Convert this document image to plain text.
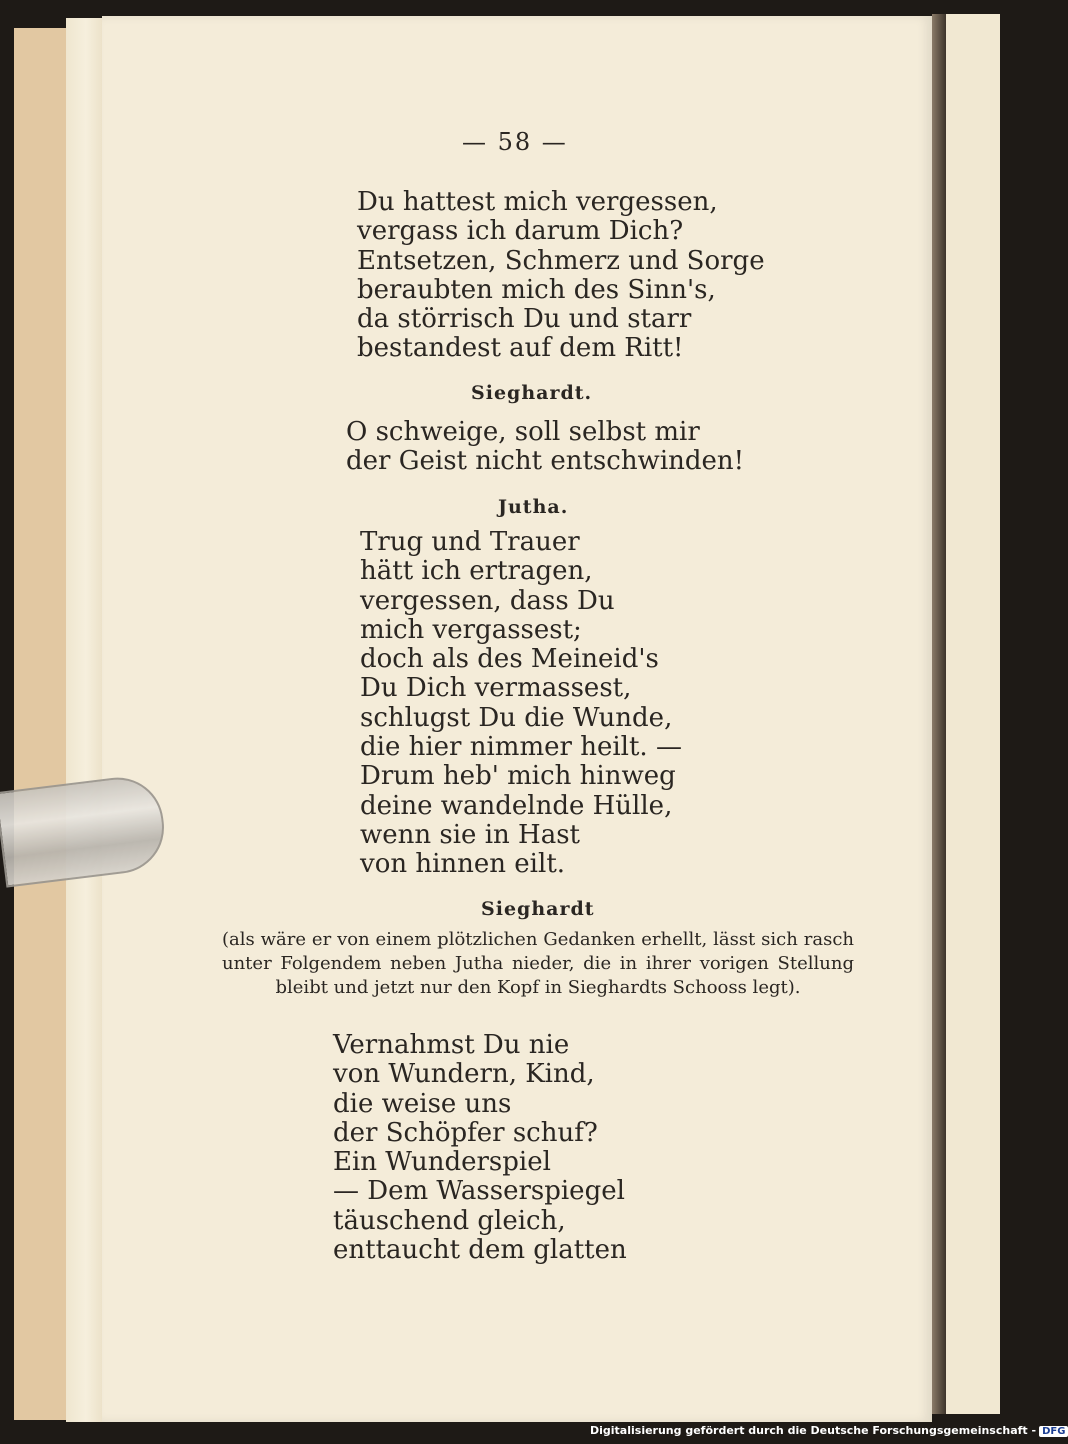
— 58 —
Du hattest mich vergessen,
vergass ich darum Dich?
Entsetzen, Schmerz und Sorge
beraubten mich des Sinn's,
da störrisch Du und starr
bestandest auf dem Ritt!
Sieghardt.
O schweige, soll selbst mir
der Geist nicht entschwinden!
Jutha.
Trug und Trauer
hätt ich ertragen,
vergessen, dass Du
mich vergassest;
doch als des Meineid's
Du Dich vermassest,
schlugst Du die Wunde,
die hier nimmer heilt. —
Drum heb' mich hinweg
deine wandelnde Hülle,
wenn sie in Hast
von hinnen eilt.
Sieghardt
(als wäre er von einem plötzlichen Gedanken erhellt, lässt sich rasch unter Folgendem neben Jutha nieder, die in ihrer vorigen Stellung bleibt und jetzt nur den Kopf in Sieghardts Schooss legt).
Vernahmst Du nie
von Wundern, Kind,
die weise uns
der Schöpfer schuf?
Ein Wunderspiel
— Dem Wasserspiegel
täuschend gleich,
enttaucht dem glatten
Digitalisierung gefördert durch die Deutsche Forschungsgemeinschaft - DFG
